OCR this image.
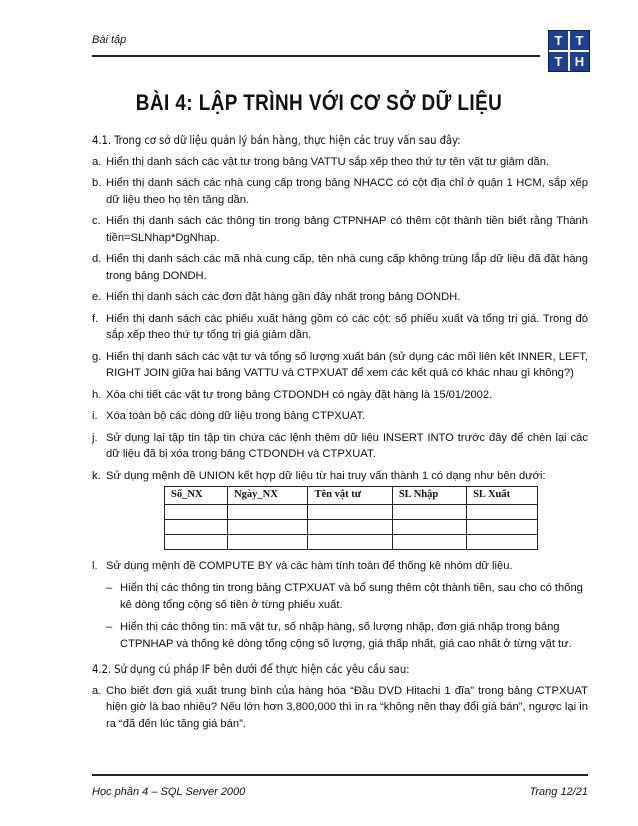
Bài tập	T	T
T H
BÀI 4: LẬP TRÌNH VỚI CƠ SỞ DỮ LIỆU
4.1. Trong cơ sở dữ liệu quản lý bán hàng, thực hiện các truy vấn sau đây:
a. Hiển thị danh sách các vật tư trong bảng VATTU sắp xếp theo thứ tự tên vật tư giảm dần.
b. Hiển thị danh sách các nhà cung cấp trong bảng NHACC có cột địa chỉ ở quận 1 HCM, sắp xếp dữ liệu theo họ tên tăng dần.
c. Hiển thị danh sách các thông tin trong bảng CTPNHAP có thêm cột thành tiền biết rằng Thành tiền=SLNhap*DgNhap.
d. Hiển thị danh sách các mã nhà cung cấp, tên nhà cung cấp không trùng lắp dữ liệu đã đặt hàng trong bảng DONDH.
e. Hiển thị danh sách các đơn đặt hàng gần đây nhất trong bảng DONDH.
f. Hiển thị danh sách các phiếu xuất hàng gồm có các cột: số phiếu xuất và tổng trị giá. Trong đó sắp xếp theo thứ tự tổng trị giá giảm dần.
g. Hiển thị danh sách các vật tư và tổng số lượng xuất bán (sử dụng các mối liên kết INNER, LEFT, RIGHT JOIN giữa hai bảng VATTU và CTPXUAT để xem các kết quả có khác nhau gì không?)
h. Xóa chi tiết các vật tư trong bảng CTDONDH có ngày đặt hàng là 15/01/2002.
i. Xóa toàn bộ các dòng dữ liệu trong bảng CTPXUAT.
j. Sử dụng lại tập tin tập tin chứa các lệnh thêm dữ liệu INSERT INTO trước đây để chèn lại các dữ liệu đã bị xóa trong bảng CTDONDH và CTPXUAT.
k. Sử dụng mệnh đề UNION kết hợp dữ liệu từ hai truy vấn thành 1 có dạng như bên dưới:
Số_NX	Ngày_NX	Tên vật tư	SL Nhập	SL Xuất

l. Sử dụng mệnh đề COMPUTE BY và các hàm tính toán để thống kê nhóm dữ liệu.
– Hiển thị các thông tin trong bảng CTPXUAT và bổ sung thêm cột thành tiền, sau cho có thống kê dòng tổng cộng số tiền ở từng phiếu xuất.
– Hiển thị các thông tin: mã vật tư, số nhập hàng, số lượng nhập, đơn giá nhập trong bảng CTPNHAP và thống kê dòng tổng cộng số lượng, giá thấp nhất, giá cao nhất ở từng vật tư.
4.2. Sử dụng cú pháp IF bên dưới để thực hiện các yêu cầu sau:
a. Cho biết đơn giá xuất trung bình của hàng hóa “Đầu DVD Hitachi 1 đĩa” trong bảng CTPXUAT hiện giờ là bao nhiêu? Nếu lớn hơn 3,800,000 thì in ra “không nên thay đổi giá bán”, ngược lại in ra “đã đến lúc tăng giá bán”.
Học phần 4 – SQL Server 2000	Trang 12/21
